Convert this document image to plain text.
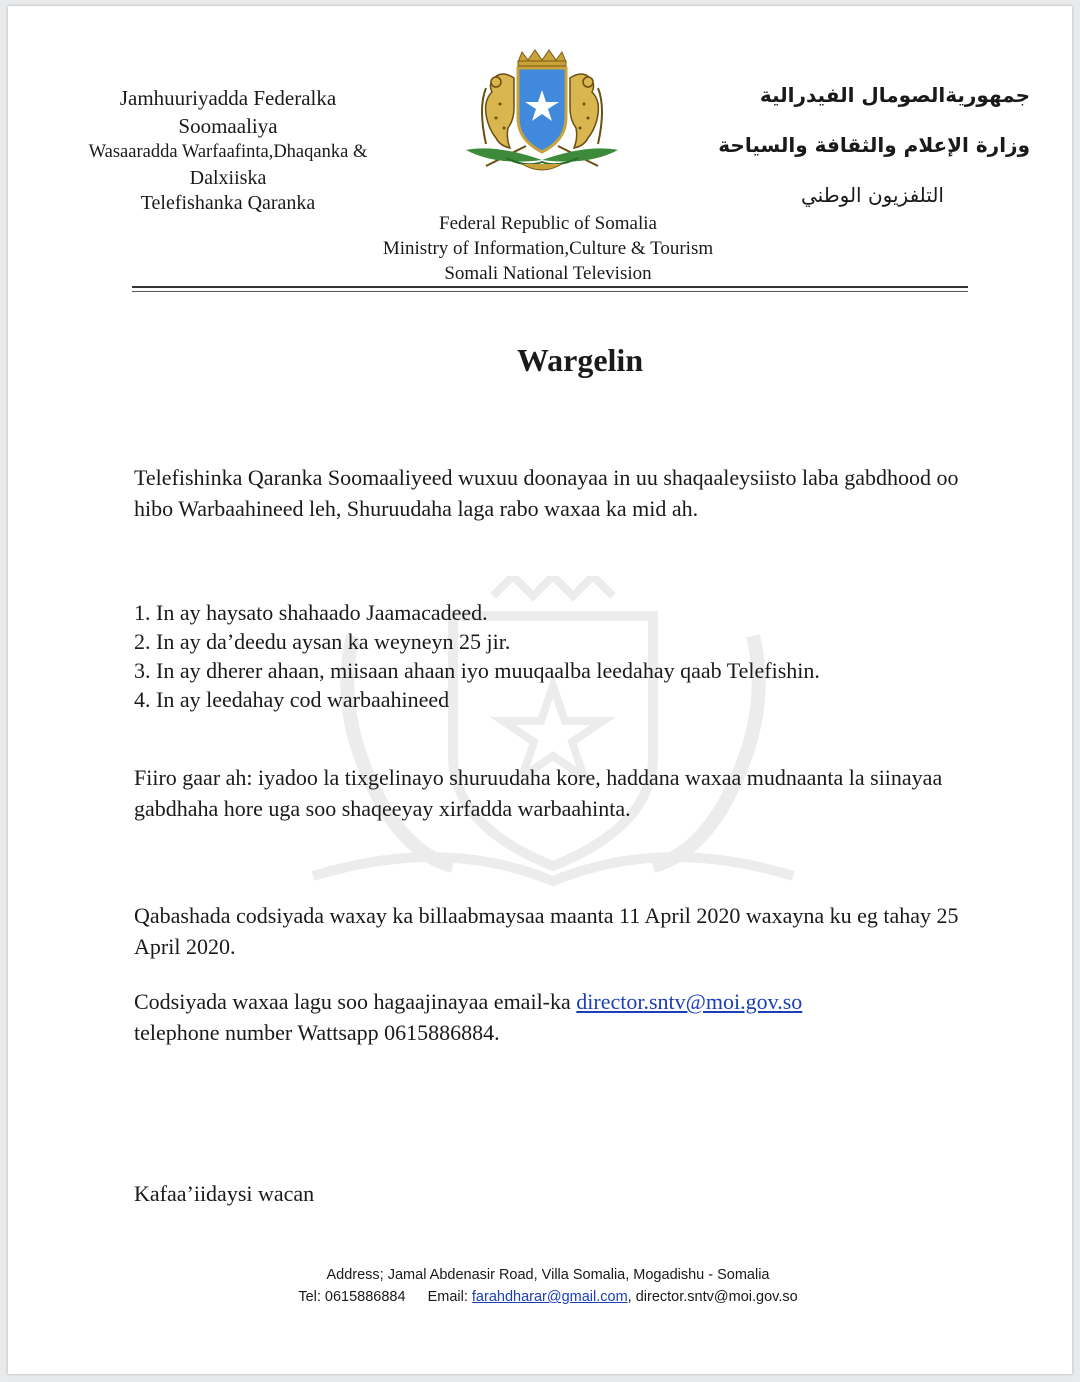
Jamhuuriyadda Federalka
Soomaaliya
Wasaaradda Warfaafinta,Dhaqanka &
Dalxiiska
Telefishanka Qaranka
جمهوريةالصومال الفيدرالية
وزارة الإعلام والثقافة والسياحة
التلفزيون الوطني
Federal Republic of Somalia
Ministry of Information,Culture & Tourism
Somali National Television
Wargelin
Telefishinka Qaranka Soomaaliyeed wuxuu doonayaa in uu shaqaaleysiisto laba gabdhood oo hibo Warbaahineed leh, Shuruudaha laga rabo waxaa ka mid ah.
1. In ay haysato shahaado Jaamacadeed.
2. In ay da’deedu aysan ka weyneyn 25 jir.
3. In ay dherer ahaan, miisaan ahaan iyo muuqaalba leedahay qaab Telefishin.
4. In ay leedahay cod warbaahineed
Fiiro gaar ah: iyadoo la tixgelinayo shuruudaha kore, haddana waxaa mudnaanta la siinayaa gabdhaha hore uga soo shaqeeyay xirfadda warbaahinta.
Qabashada codsiyada waxay ka billaabmaysaa maanta 11 April 2020 waxayna ku eg tahay 25 April 2020.
Codsiyada waxaa lagu soo hagaajinayaa email-ka director.sntv@moi.gov.so
telephone number Wattsapp 0615886884.
Kafaa’iidaysi wacan
Address; Jamal Abdenasir Road, Villa Somalia, Mogadishu - Somalia
Tel: 0615886884 Email: farahdharar@gmail.com, director.sntv@moi.gov.so
